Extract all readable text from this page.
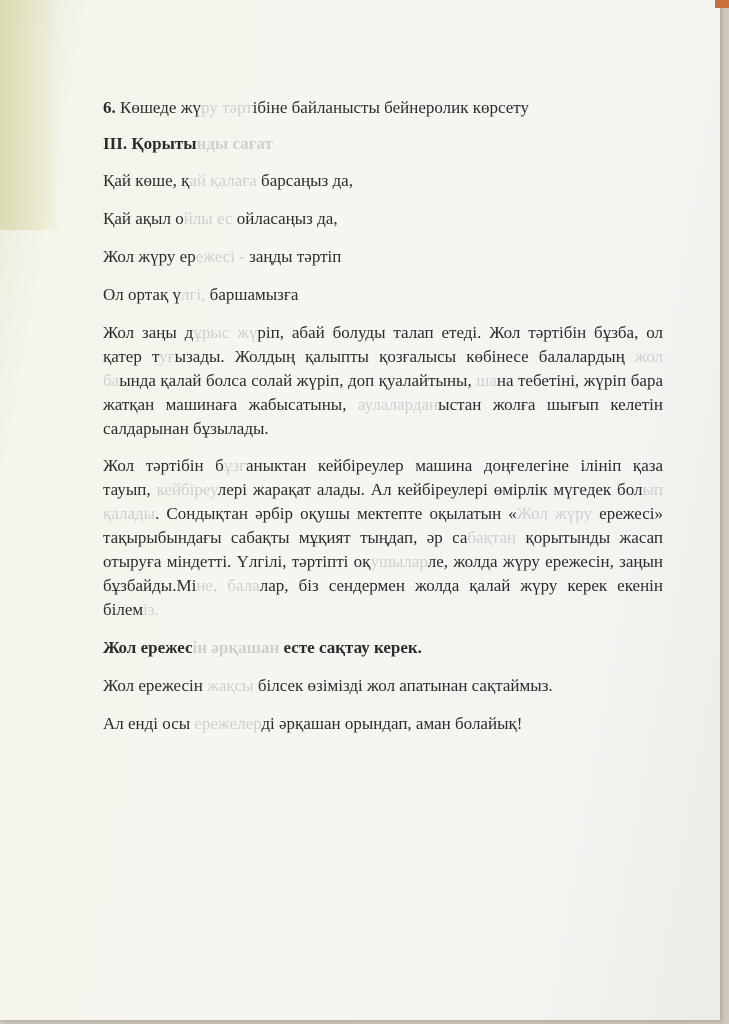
6. Көшеде жүру тәртібіне байланысты бейнеролик көрсету

ІІІ. Қорытынды сағат

Қай көше, қай қалаға барсаңыз да,

Қай ақыл ойлы ес ойласаңыз да,

Жол жүру ережесі - заңды тәртіп

Ол ортақ үлгі, баршамызға

Жол заңы дұрыс жүріп, абай болуды талап етеді. Жол тәртібін бұзба, ол қатер туғызады. Жолдың қалыпты қозғалысы көбінесе балалардың жол баында қалай болса солай жүріп, доп қуалайтыны, шана тебетіні, жүріп бара жатқан машинаға жабысатыны, аулаларданыстан жолға шығып келетін салдарынан бұзылады.

Жол тәртібін бұзғаныктан кейбіреулер машина доңғелегіне ілініп қаза тауып, кейбіреулері жарақат алады. Ал кейбіреулері өмірлік мүгедек болып қалады. Сондықтан әрбір оқушы мектепте оқылатын «Жол жүру ережесі» тақырыбындағы сабақты мұқият тыңдап, әр сабақтан қорытынды жасап отыруға міндетті. Үлгілі, тәртіпті оқушыларле, жолда жүру ережесін, заңын бұзбайды.Міне, балалар, біз сендермен жолда қалай жүру керек екенін білеміз.

Жол ережесін әрқашан есте сақтау керек.

Жол ережесін жақсы білсек өзімізді жол апатынан сақтаймыз.

Ал енді осы ережелерді әрқашан орындап, аман болайық!
